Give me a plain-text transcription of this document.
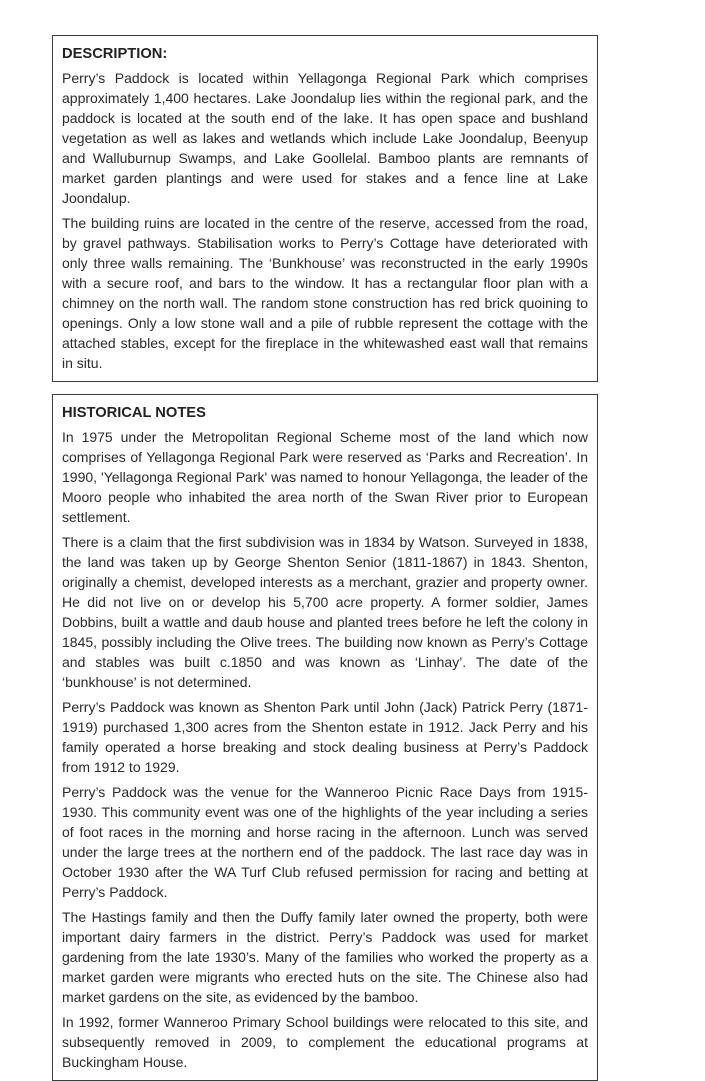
DESCRIPTION:

Perry’s Paddock is located within Yellagonga Regional Park which comprises approximately 1,400 hectares. Lake Joondalup lies within the regional park, and the paddock is located at the south end of the lake. It has open space and bushland vegetation as well as lakes and wetlands which include Lake Joondalup, Beenyup and Walluburnup Swamps, and Lake Goollelal. Bamboo plants are remnants of market garden plantings and were used for stakes and a fence line at Lake Joondalup.

The building ruins are located in the centre of the reserve, accessed from the road, by gravel pathways. Stabilisation works to Perry’s Cottage have deteriorated with only three walls remaining. The ‘Bunkhouse’ was reconstructed in the early 1990s with a secure roof, and bars to the window. It has a rectangular floor plan with a chimney on the north wall. The random stone construction has red brick quoining to openings. Only a low stone wall and a pile of rubble represent the cottage with the attached stables, except for the fireplace in the whitewashed east wall that remains in situ.

HISTORICAL NOTES

In 1975 under the Metropolitan Regional Scheme most of the land which now comprises of Yellagonga Regional Park were reserved as ‘Parks and Recreation’. In 1990, 'Yellagonga Regional Park' was named to honour Yellagonga, the leader of the Mooro people who inhabited the area north of the Swan River prior to European settlement.

There is a claim that the first subdivision was in 1834 by Watson. Surveyed in 1838, the land was taken up by George Shenton Senior (1811-1867) in 1843. Shenton, originally a chemist, developed interests as a merchant, grazier and property owner. He did not live on or develop his 5,700 acre property. A former soldier, James Dobbins, built a wattle and daub house and planted trees before he left the colony in 1845, possibly including the Olive trees. The building now known as Perry’s Cottage and stables was built c.1850 and was known as ‘Linhay’. The date of the ‘bunkhouse’ is not determined.

Perry’s Paddock was known as Shenton Park until John (Jack) Patrick Perry (1871-1919) purchased 1,300 acres from the Shenton estate in 1912. Jack Perry and his family operated a horse breaking and stock dealing business at Perry’s Paddock from 1912 to 1929.

Perry’s Paddock was the venue for the Wanneroo Picnic Race Days from 1915-1930. This community event was one of the highlights of the year including a series of foot races in the morning and horse racing in the afternoon. Lunch was served under the large trees at the northern end of the paddock. The last race day was in October 1930 after the WA Turf Club refused permission for racing and betting at Perry’s Paddock.

The Hastings family and then the Duffy family later owned the property, both were important dairy farmers in the district. Perry’s Paddock was used for market gardening from the late 1930’s. Many of the families who worked the property as a market garden were migrants who erected huts on the site. The Chinese also had market gardens on the site, as evidenced by the bamboo.

In 1992, former Wanneroo Primary School buildings were relocated to this site, and subsequently removed in 2009, to complement the educational programs at Buckingham House.
